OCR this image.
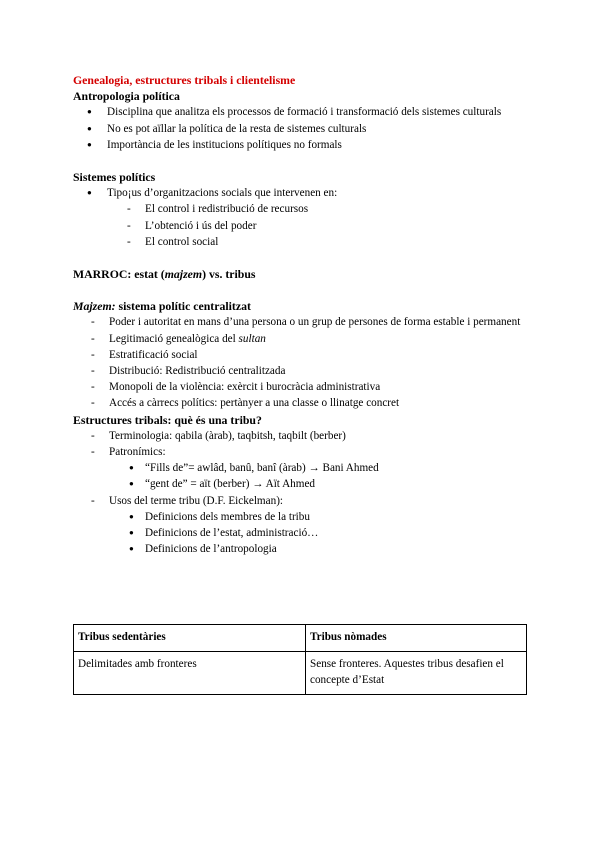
Genealogia, estructures tribals i clientelisme
Antropologia política
● Disciplina que analitza els processos de formació i transformació dels sistemes culturals
● No es pot aïllar la política de la resta de sistemes culturals
● Importància de les institucions polítiques no formals
Sistemes polítics
● Tipo¡us d’organitzacions socials que intervenen en:
- El control i redistribució de recursos
- L’obtenció i ús del poder
- El control social
MARROC: estat (majzem) vs. tribus
Majzem: sistema polític centralitzat
- Poder i autoritat en mans d’una persona o un grup de persones de forma estable i permanent
- Legitimació genealògica del sultan
- Estratificació social
- Distribució: Redistribució centralitzada
- Monopoli de la violència: exèrcit i burocràcia administrativa
- Accés a càrrecs polítics: pertànyer a una classe o llinatge concret
Estructures tribals: què és una tribu?
- Terminologia: qabila (àrab), taqbitsh, taqbilt (berber)
- Patronímics:
● “Fills de”= awlâd, banû, banî (àrab) → Bani Ahmed
● “gent de” = aït (berber) → Aït Ahmed
- Usos del terme tribu (D.F. Eickelman):
● Definicions dels membres de la tribu
● Definicions de l’estat, administració…
● Definicions de l’antropologia
Tribus sedentàries	Tribus nòmades
Delimitades amb fronteres	Sense fronteres. Aquestes tribus desafien el concepte d’Estat
